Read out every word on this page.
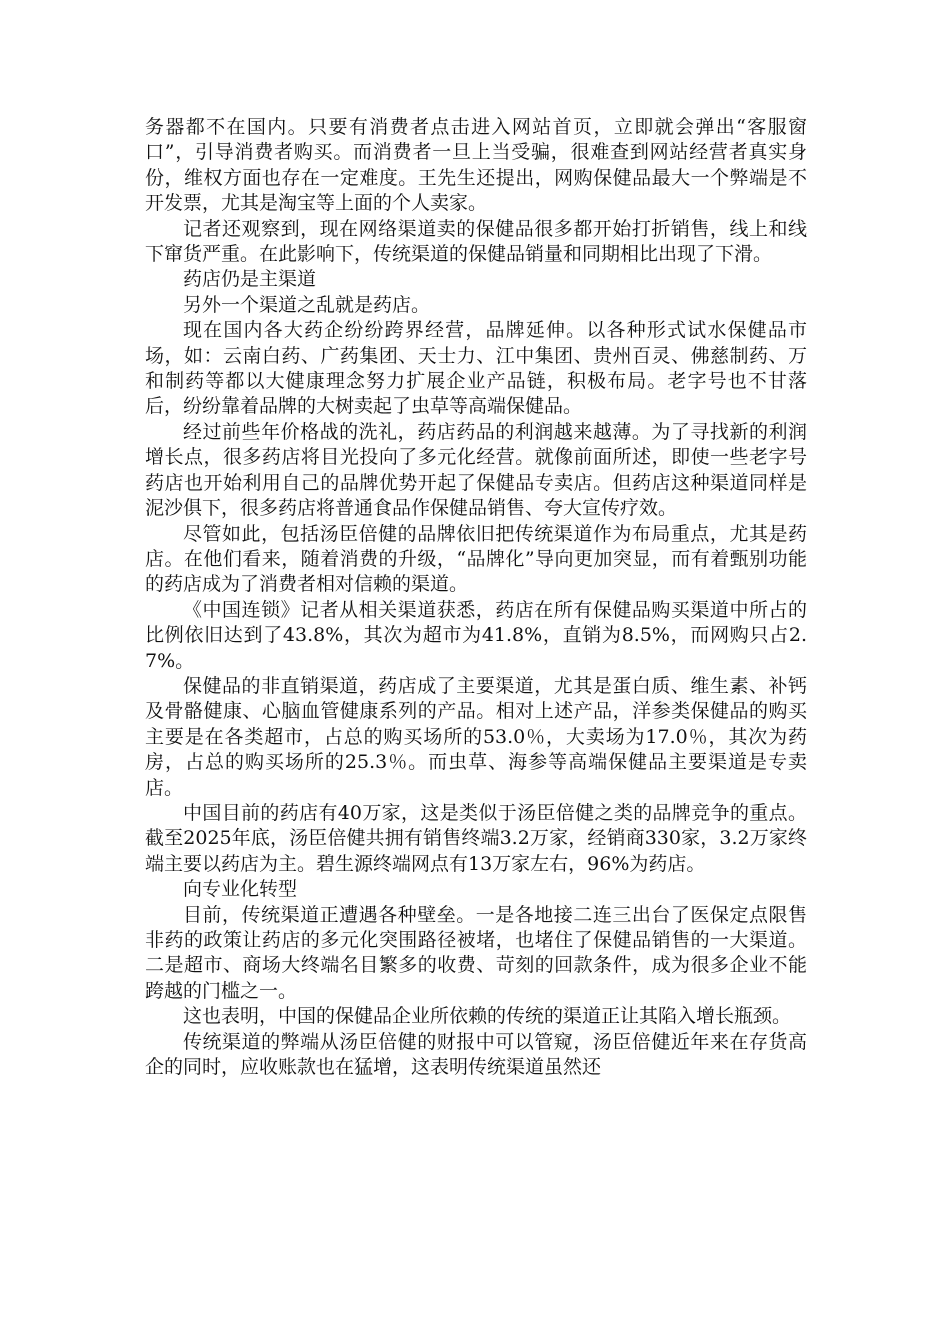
务器都不在国内。只要有消费者点击进入网站首页，立即就会弹出“客服窗口”，引导消费者购买。而消费者一旦上当受骗，很难查到网站经营者真实身份，维权方面也存在一定难度。王先生还提出，网购保健品最大一个弊端是不开发票，尤其是淘宝等上面的个人卖家。

记者还观察到，现在网络渠道卖的保健品很多都开始打折销售，线上和线下窜货严重。在此影响下，传统渠道的保健品销量和同期相比出现了下滑。

药店仍是主渠道

另外一个渠道之乱就是药店。

现在国内各大药企纷纷跨界经营，品牌延伸。以各种形式试水保健品市场，如：云南白药、广药集团、天士力、江中集团、贵州百灵、佛慈制药、万和制药等都以大健康理念努力扩展企业产品链，积极布局。老字号也不甘落后，纷纷靠着品牌的大树卖起了虫草等高端保健品。

经过前些年价格战的洗礼，药店药品的利润越来越薄。为了寻找新的利润增长点，很多药店将目光投向了多元化经营。就像前面所述，即使一些老字号药店也开始利用自己的品牌优势开起了保健品专卖店。但药店这种渠道同样是泥沙俱下，很多药店将普通食品作保健品销售、夸大宣传疗效。

尽管如此，包括汤臣倍健的品牌依旧把传统渠道作为布局重点，尤其是药店。在他们看来，随着消费的升级，“品牌化”导向更加突显，而有着甄别功能的药店成为了消费者相对信赖的渠道。

《中国连锁》记者从相关渠道获悉，药店在所有保健品购买渠道中所占的比例依旧达到了43.8%，其次为超市为41.8%，直销为8.5%，而网购只占2.7%。

保健品的非直销渠道，药店成了主要渠道，尤其是蛋白质、维生素、补钙及骨骼健康、心脑血管健康系列的产品。相对上述产品，洋参类保健品的购买主要是在各类超市，占总的购买场所的53.0％，大卖场为17.0％，其次为药房，占总的购买场所的25.3％。而虫草、海参等高端保健品主要渠道是专卖店。

中国目前的药店有40万家，这是类似于汤臣倍健之类的品牌竞争的重点。截至2025年底，汤臣倍健共拥有销售终端3.2万家，经销商330家，3.2万家终端主要以药店为主。碧生源终端网点有13万家左右，96%为药店。

向专业化转型

目前，传统渠道正遭遇各种壁垒。一是各地接二连三出台了医保定点限售非药的政策让药店的多元化突围路径被堵，也堵住了保健品销售的一大渠道。二是超市、商场大终端名目繁多的收费、苛刻的回款条件，成为很多企业不能跨越的门槛之一。

这也表明，中国的保健品企业所依赖的传统的渠道正让其陷入增长瓶颈。

传统渠道的弊端从汤臣倍健的财报中可以管窥，汤臣倍健近年来在存货高企的同时，应收账款也在猛增，这表明传统渠道虽然还
